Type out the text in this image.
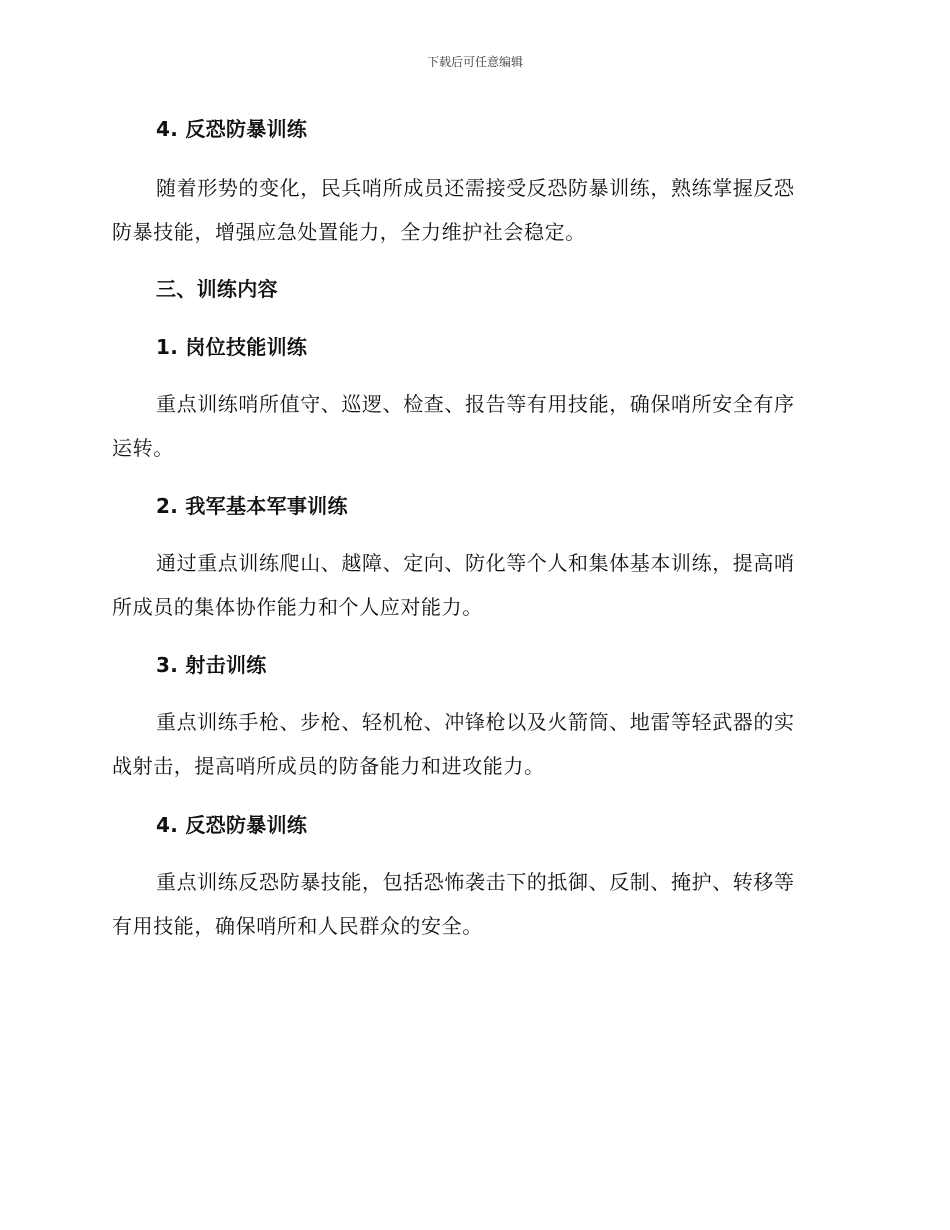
下载后可任意编辑
4. 反恐防暴训练
随着形势的变化，民兵哨所成员还需接受反恐防暴训练，熟练掌握反恐
防暴技能，增强应急处置能力，全力维护社会稳定。
三、训练内容
1. 岗位技能训练
重点训练哨所值守、巡逻、检查、报告等有用技能，确保哨所安全有序
运转。
2. 我军基本军事训练
通过重点训练爬山、越障、定向、防化等个人和集体基本训练，提高哨
所成员的集体协作能力和个人应对能力。
3. 射击训练
重点训练手枪、步枪、轻机枪、冲锋枪以及火箭筒、地雷等轻武器的实
战射击，提高哨所成员的防备能力和进攻能力。
4. 反恐防暴训练
重点训练反恐防暴技能，包括恐怖袭击下的抵御、反制、掩护、转移等
有用技能，确保哨所和人民群众的安全。
